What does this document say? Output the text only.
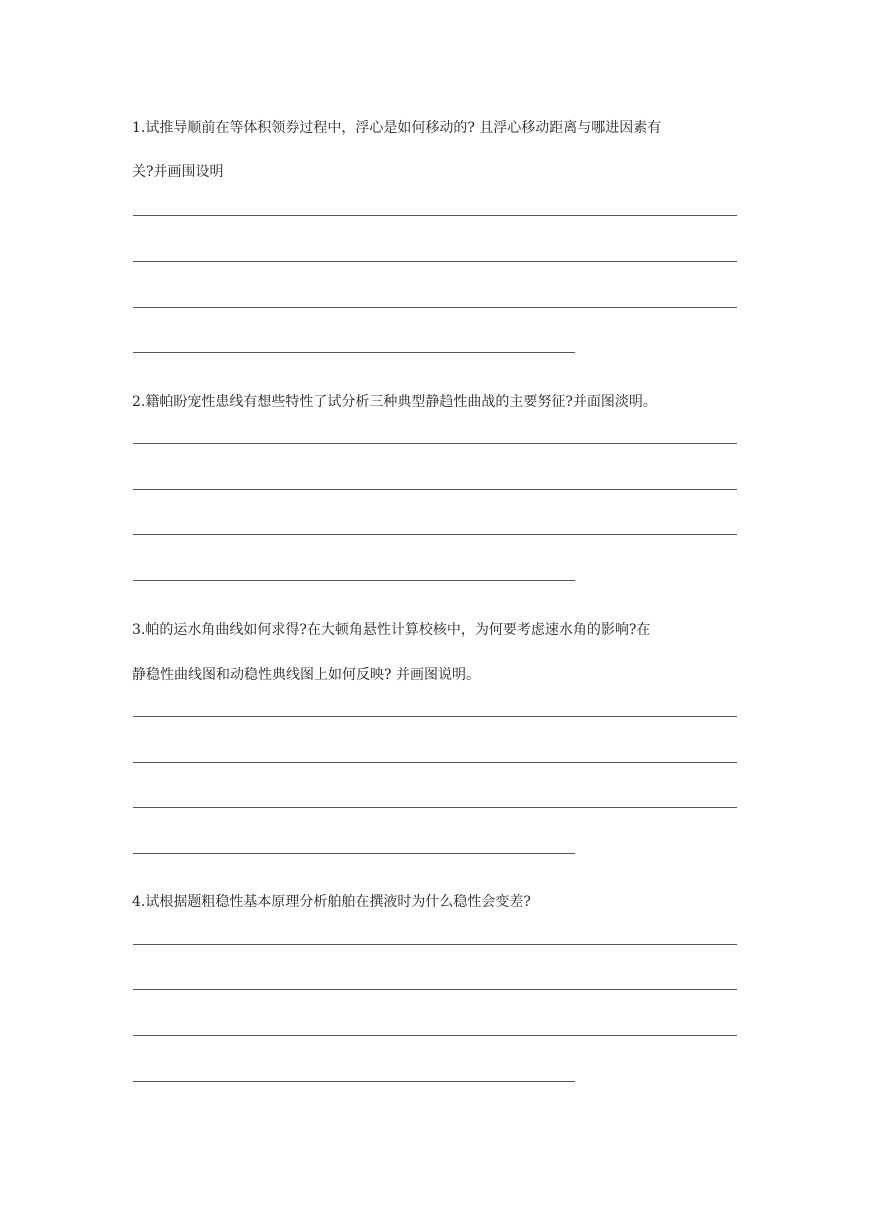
1.试推导顺前在等体积领券过程中，浮心是如何移动的? 且浮心移动距离与哪进因素有
关?并画围设明
2.籍帕盼宠性患线有想些特性了试分析三种典型静趋性曲战的主要努征?并面图淡明。
3.帕的运水角曲线如何求得?在大顿角悬性计算校核中，为何要考虑速水角的影响?在
静稳性曲线图和动稳性典线图上如何反映? 并画图说明。
4.试根据题粗稳性基本原理分析舶舶在撰液时为什么稳性会变差?
